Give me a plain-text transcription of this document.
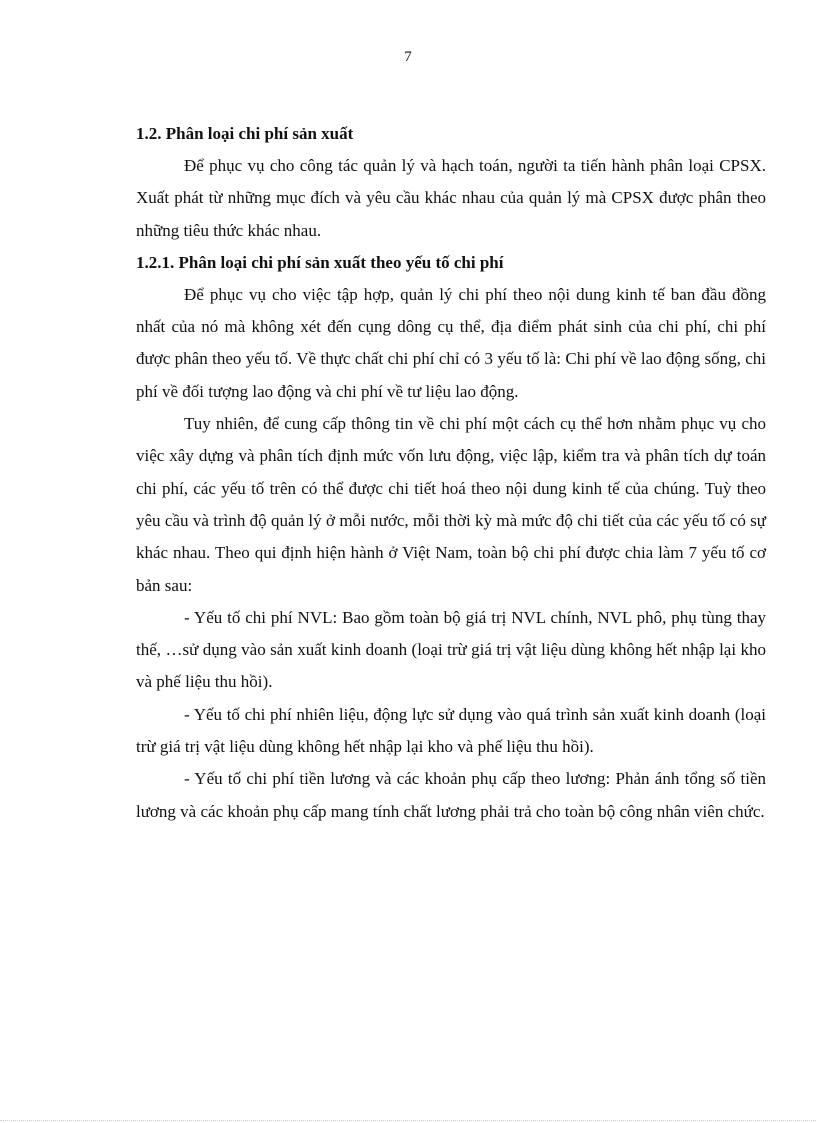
7

1.2. Phân loại chi phí sản xuất

Để phục vụ cho công tác quản lý và hạch toán, người ta tiến hành phân loại CPSX. Xuất phát từ những mục đích và yêu cầu khác nhau của quản lý mà CPSX được phân theo những tiêu thức khác nhau.

1.2.1. Phân loại chi phí sản xuất theo yếu tố chi phí

Để phục vụ cho việc tập hợp, quản lý chi phí theo nội dung kinh tế ban đầu đồng nhất của nó mà không xét đến cụng dông cụ thể, địa điểm phát sinh của chi phí, chi phí được phân theo yếu tố. Về thực chất chi phí chỉ có 3 yếu tố là: Chi phí về lao động sống, chi phí về đối tượng lao động và chi phí về tư liệu lao động.

Tuy nhiên, để cung cấp thông tin về chi phí một cách cụ thể hơn nhằm phục vụ cho việc xây dựng và phân tích định mức vốn lưu động, việc lập, kiểm tra và phân tích dự toán chi phí, các yếu tố trên có thể được chi tiết hoá theo nội dung kinh tế của chúng. Tuỳ theo yêu cầu và trình độ quản lý ở mỗi nước, mỗi thời kỳ mà mức độ chi tiết của các yếu tố có sự khác nhau. Theo qui định hiện hành ở Việt Nam, toàn bộ chi phí được chia làm 7 yếu tố cơ bản sau:

- Yếu tố chi phí NVL: Bao gồm toàn bộ giá trị NVL chính, NVL phô, phụ tùng thay thế, …sử dụng vào sản xuất kinh doanh (loại trừ giá trị vật liệu dùng không hết nhập lại kho và phế liệu thu hồi).

- Yếu tố chi phí nhiên liệu, động lực sử dụng vào quá trình sản xuất kinh doanh (loại trừ giá trị vật liệu dùng không hết nhập lại kho và phế liệu thu hồi).

- Yếu tố chi phí tiền lương và các khoản phụ cấp theo lương: Phản ánh tổng số tiền lương và các khoản phụ cấp mang tính chất lương phải trả cho toàn bộ công nhân viên chức.
